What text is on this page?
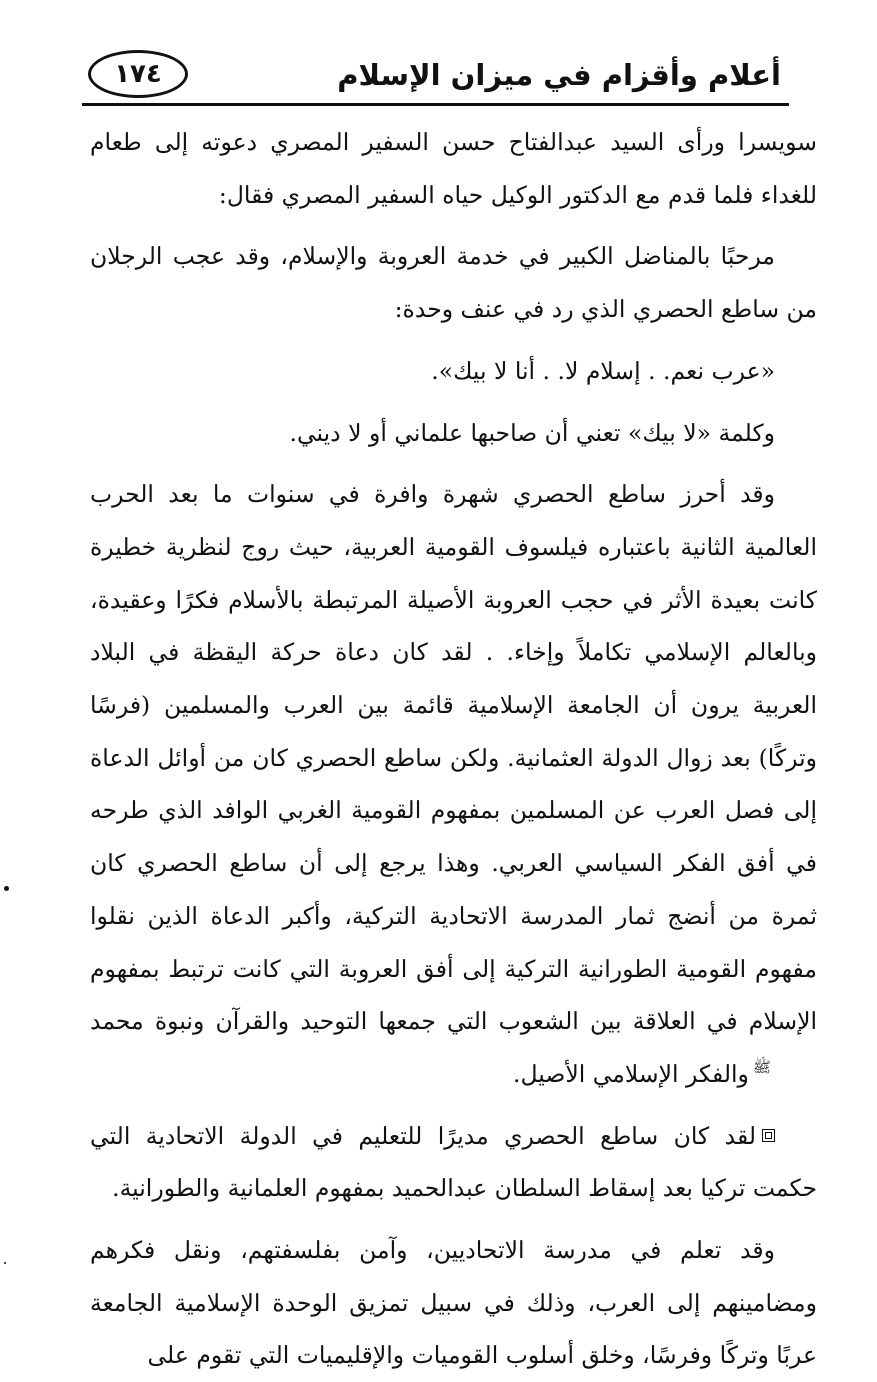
أعلام وأقزام في ميزان الإسلام
١٧٤

سويسرا ورأى السيد عبدالفتاح حسن السفير المصري دعوته إلى طعام للغداء فلما قدم مع الدكتور الوكيل حياه السفير المصري فقال:

مرحبًا بالمناضل الكبير في خدمة العروبة والإسلام، وقد عجب الرجلان من ساطع الحصري الذي رد في عنف وحدة:

«عرب نعم. . إسلام لا. . أنا لا بيك».

وكلمة «لا بيك» تعني أن صاحبها علماني أو لا ديني.

وقد أحرز ساطع الحصري شهرة وافرة في سنوات ما بعد الحرب العالمية الثانية باعتباره فيلسوف القومية العربية، حيث روج لنظرية خطيرة كانت بعيدة الأثر في حجب العروبة الأصيلة المرتبطة بالأسلام فكرًا وعقيدة، وبالعالم الإسلامي تكاملاً وإخاء. . لقد كان دعاة حركة اليقظة في البلاد العربية يرون أن الجامعة الإسلامية قائمة بين العرب والمسلمين (فرسًا وتركًا) بعد زوال الدولة العثمانية. ولكن ساطع الحصري كان من أوائل الدعاة إلى فصل العرب عن المسلمين بمفهوم القومية الغربي الوافد الذي طرحه في أفق الفكر السياسي العربي. وهذا يرجع إلى أن ساطع الحصري كان ثمرة من أنضج ثمار المدرسة الاتحادية التركية، وأكبر الدعاة الذين نقلوا مفهوم القومية الطورانية التركية إلى أفق العروبة التي كانت ترتبط بمفهوم الإسلام في العلاقة بين الشعوب التي جمعها التوحيد والقرآن ونبوة محمدﷺوالفكر الإسلامي الأصيل.

لقد كان ساطع الحصري مديرًا للتعليم في الدولة الاتحادية التي حكمت تركيا بعد إسقاط السلطان عبدالحميد بمفهوم العلمانية والطورانية.

وقد تعلم في مدرسة الاتحاديين، وآمن بفلسفتهم، ونقل فكرهم ومضامينهم إلى العرب، وذلك في سبيل تمزيق الوحدة الإسلامية الجامعة عربًا وتركًا وفرسًا، وخلق أسلوب القوميات والإقليميات التي تقوم على
